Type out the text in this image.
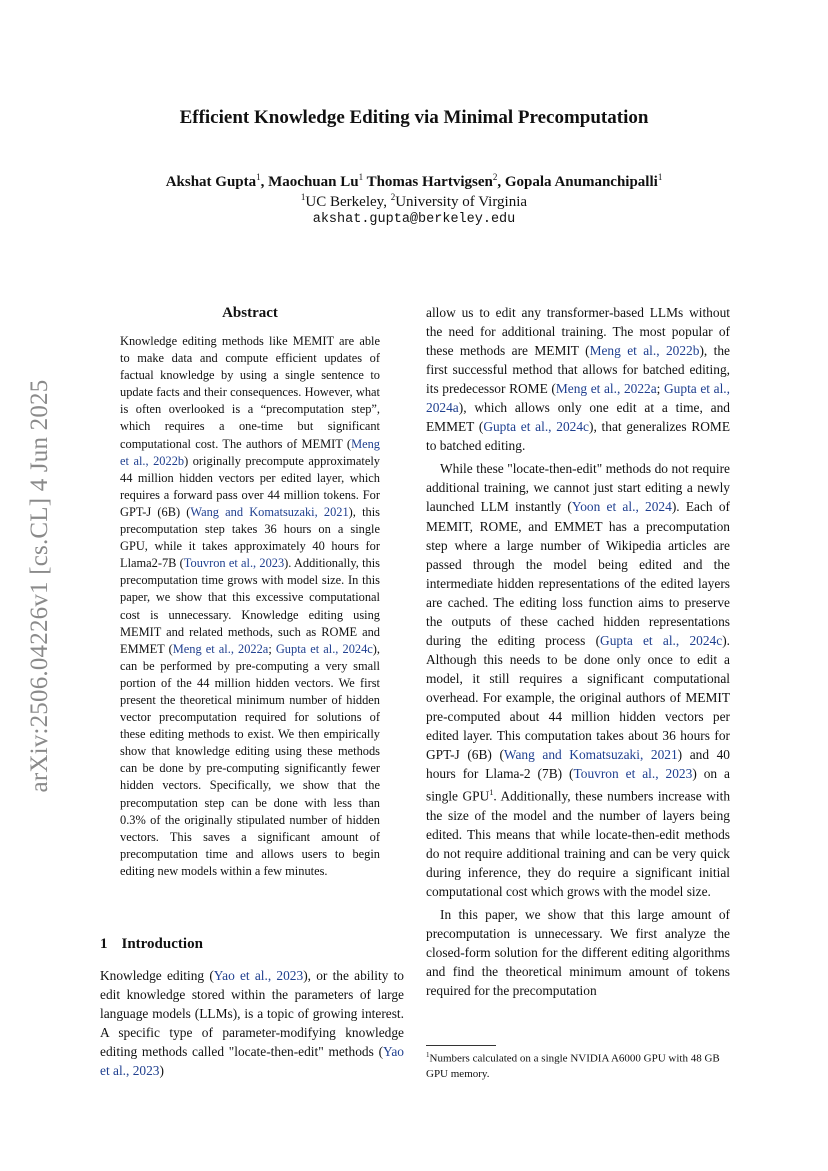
arXiv:2506.04226v1 [cs.CL] 4 Jun 2025
Efficient Knowledge Editing via Minimal Precomputation
Akshat Gupta$^1$, Maochuan Lu$^1$ Thomas Hartvigsen$^2$, Gopala Anumanchipalli$^1$
$^1$UC Berkeley, $^2$University of Virginia
akshat.gupta@berkeley.edu
Abstract
Knowledge editing methods like MEMIT are able to make data and compute efficient updates of factual knowledge by using a single sentence to update facts and their consequences. However, what is often overlooked is a “precomputation step”, which requires a one-time but significant computational cost. The authors of MEMIT (Meng et al., 2022b) originally precompute approximately 44 million hidden vectors per edited layer, which requires a forward pass over 44 million tokens. For GPT-J (6B) (Wang and Komatsuzaki, 2021), this precomputation step takes 36 hours on a single GPU, while it takes approximately 40 hours for Llama2-7B (Touvron et al., 2023). Additionally, this precomputation time grows with model size. In this paper, we show that this excessive computational cost is unnecessary. Knowledge editing using MEMIT and related methods, such as ROME and EMMET (Meng et al., 2022a; Gupta et al., 2024c), can be performed by pre-computing a very small portion of the 44 million hidden vectors. We first present the theoretical minimum number of hidden vector precomputation required for solutions of these editing methods to exist. We then empirically show that knowledge editing using these methods can be done by pre-computing significantly fewer hidden vectors. Specifically, we show that the precomputation step can be done with less than 0.3% of the originally stipulated number of hidden vectors. This saves a significant amount of precomputation time and allows users to begin editing new models within a few minutes.
1 Introduction
Knowledge editing (Yao et al., 2023), or the ability to edit knowledge stored within the parameters of large language models (LLMs), is a topic of growing interest. A specific type of parameter-modifying knowledge editing methods called "locate-then-edit" methods (Yao et al., 2023)

allow us to edit any transformer-based LLMs without the need for additional training. The most popular of these methods are MEMIT (Meng et al., 2022b), the first successful method that allows for batched editing, its predecessor ROME (Meng et al., 2022a; Gupta et al., 2024a), which allows only one edit at a time, and EMMET (Gupta et al., 2024c), that generalizes ROME to batched editing.

While these "locate-then-edit" methods do not require additional training, we cannot just start editing a newly launched LLM instantly (Yoon et al., 2024). Each of MEMIT, ROME, and EMMET has a precomputation step where a large number of Wikipedia articles are passed through the model being edited and the intermediate hidden representations of the edited layers are cached. The editing loss function aims to preserve the outputs of these cached hidden representations during the editing process (Gupta et al., 2024c). Although this needs to be done only once to edit a model, it still requires a significant computational overhead. For example, the original authors of MEMIT pre-computed about 44 million hidden vectors per edited layer. This computation takes about 36 hours for GPT-J (6B) (Wang and Komatsuzaki, 2021) and 40 hours for Llama-2 (7B) (Touvron et al., 2023) on a single GPU$^1$. Additionally, these numbers increase with the size of the model and the number of layers being edited. This means that while locate-then-edit methods do not require additional training and can be very quick during inference, they do require a significant initial computational cost which grows with the model size.

In this paper, we show that this large amount of precomputation is unnecessary. We first analyze the closed-form solution for the different editing algorithms and find the theoretical minimum amount of tokens required for the precomputation

$^1$Numbers calculated on a single NVIDIA A6000 GPU with 48 GB GPU memory.
